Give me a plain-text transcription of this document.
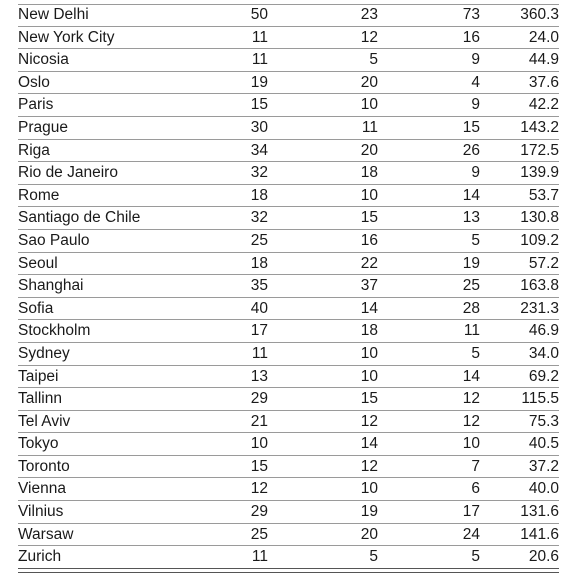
New Delhi	50	23	73	360.3
New York City	11	12	16	24.0
Nicosia	11	5	9	44.9
Oslo	19	20	4	37.6
Paris	15	10	9	42.2
Prague	30	11	15	143.2
Riga	34	20	26	172.5
Rio de Janeiro	32	18	9	139.9
Rome	18	10	14	53.7
Santiago de Chile	32	15	13	130.8
Sao Paulo	25	16	5	109.2
Seoul	18	22	19	57.2
Shanghai	35	37	25	163.8
Sofia	40	14	28	231.3
Stockholm	17	18	11	46.9
Sydney	11	10	5	34.0
Taipei	13	10	14	69.2
Tallinn	29	15	12	115.5
Tel Aviv	21	12	12	75.3
Tokyo	10	14	10	40.5
Toronto	15	12	7	37.2
Vienna	12	10	6	40.0
Vilnius	29	19	17	131.6
Warsaw	25	20	24	141.6
Zurich	11	5	5	20.6
